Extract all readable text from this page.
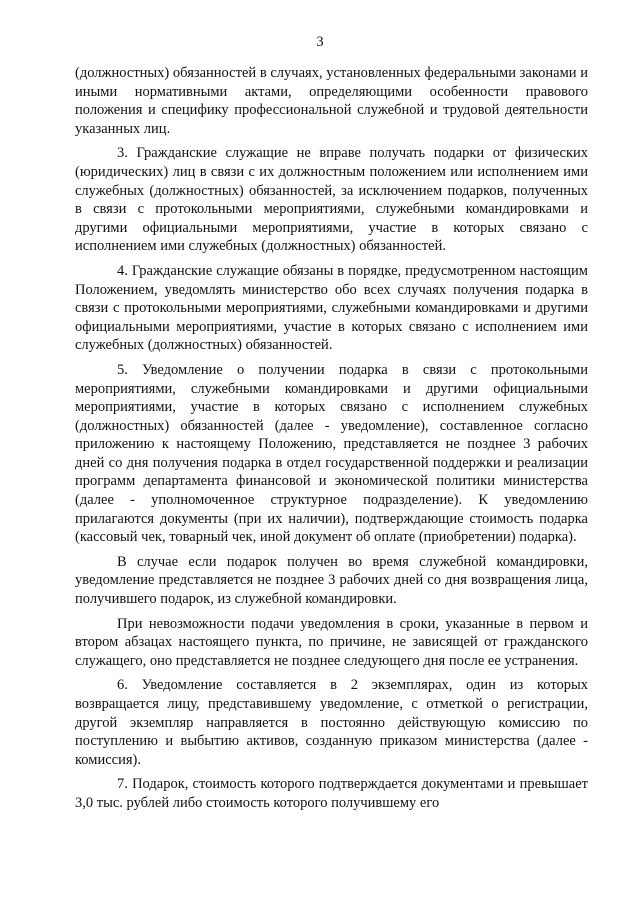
3

(должностных) обязанностей в случаях, установленных федеральными законами и иными нормативными актами, определяющими особенности правового положения и специфику профессиональной служебной и трудовой деятельности указанных лиц.

3. Гражданские служащие не вправе получать подарки от физических (юридических) лиц в связи с их должностным положением или исполнением ими служебных (должностных) обязанностей, за исключением подарков, полученных в связи с протокольными мероприятиями, служебными командировками и другими официальными мероприятиями, участие в которых связано с исполнением ими служебных (должностных) обязанностей.

4. Гражданские служащие обязаны в порядке, предусмотренном настоящим Положением, уведомлять министерство обо всех случаях получения подарка в связи с протокольными мероприятиями, служебными командировками и другими официальными мероприятиями, участие в которых связано с исполнением ими служебных (должностных) обязанностей.

5. Уведомление о получении подарка в связи с протокольными мероприятиями, служебными командировками и другими официальными мероприятиями, участие в которых связано с исполнением служебных (должностных) обязанностей (далее - уведомление), составленное согласно приложению к настоящему Положению, представляется не позднее 3 рабочих дней со дня получения подарка в отдел государственной поддержки и реализации программ департамента финансовой и экономической политики министерства (далее - уполномоченное структурное подразделение). К уведомлению прилагаются документы (при их наличии), подтверждающие стоимость подарка (кассовый чек, товарный чек, иной документ об оплате (приобретении) подарка).

В случае если подарок получен во время служебной командировки, уведомление представляется не позднее 3 рабочих дней со дня возвращения лица, получившего подарок, из служебной командировки.

При невозможности подачи уведомления в сроки, указанные в первом и втором абзацах настоящего пункта, по причине, не зависящей от гражданского служащего, оно представляется не позднее следующего дня после ее устранения.

6. Уведомление составляется в 2 экземплярах, один из которых возвращается лицу, представившему уведомление, с отметкой о регистрации, другой экземпляр направляется в постоянно действующую комиссию по поступлению и выбытию активов, созданную приказом министерства (далее - комиссия).

7. Подарок, стоимость которого подтверждается документами и превышает 3,0 тыс. рублей либо стоимость которого получившему его
